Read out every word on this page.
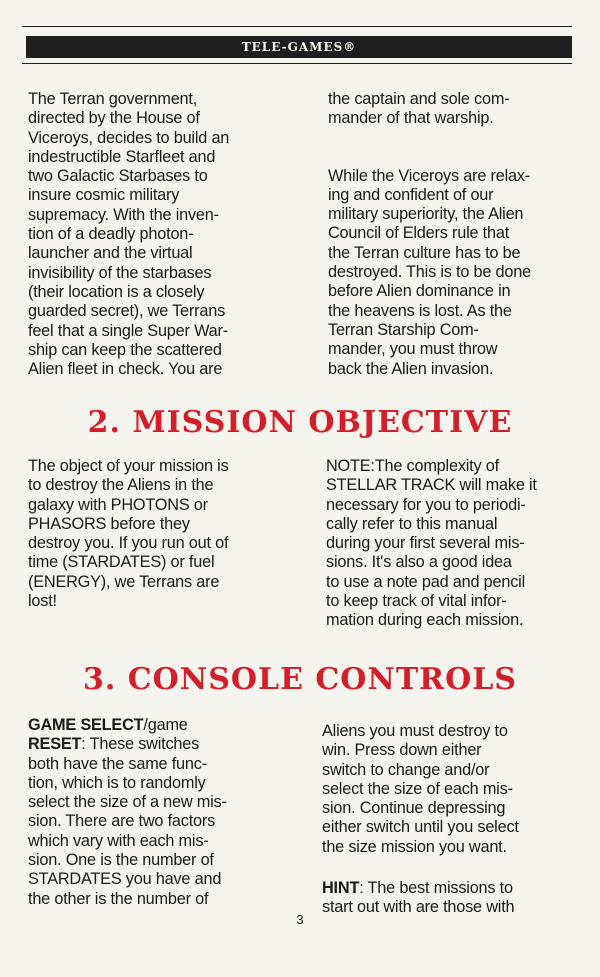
TELE-GAMES®

The Terran government,
directed by the House of
Viceroys, decides to build an
indestructible Starfleet and
two Galactic Starbases to
insure cosmic military
supremacy. With the inven-
tion of a deadly photon-
launcher and the virtual
invisibility of the starbases
(their location is a closely
guarded secret), we Terrans
feel that a single Super War-
ship can keep the scattered
Alien fleet in check. You are

the captain and sole com-
mander of that warship.

While the Viceroys are relax-
ing and confident of our
military superiority, the Alien
Council of Elders rule that
the Terran culture has to be
destroyed. This is to be done
before Alien dominance in
the heavens is lost. As the
Terran Starship Com-
mander, you must throw
back the Alien invasion.

2. MISSION OBJECTIVE

The object of your mission is
to destroy the Aliens in the
galaxy with PHOTONS or
PHASORS before they
destroy you. If you run out of
time (STARDATES) or fuel
(ENERGY), we Terrans are
lost!

NOTE:The complexity of
STELLAR TRACK will make it
necessary for you to periodi-
cally refer to this manual
during your first several mis-
sions. It's also a good idea
to use a note pad and pencil
to keep track of vital infor-
mation during each mission.

3. CONSOLE CONTROLS

GAME SELECT/game
RESET: These switches
both have the same func-
tion, which is to randomly
select the size of a new mis-
sion. There are two factors
which vary with each mis-
sion. One is the number of
STARDATES you have and
the other is the number of

Aliens you must destroy to
win. Press down either
switch to change and/or
select the size of each mis-
sion. Continue depressing
either switch until you select
the size mission you want.

HINT: The best missions to
start out with are those with

3
